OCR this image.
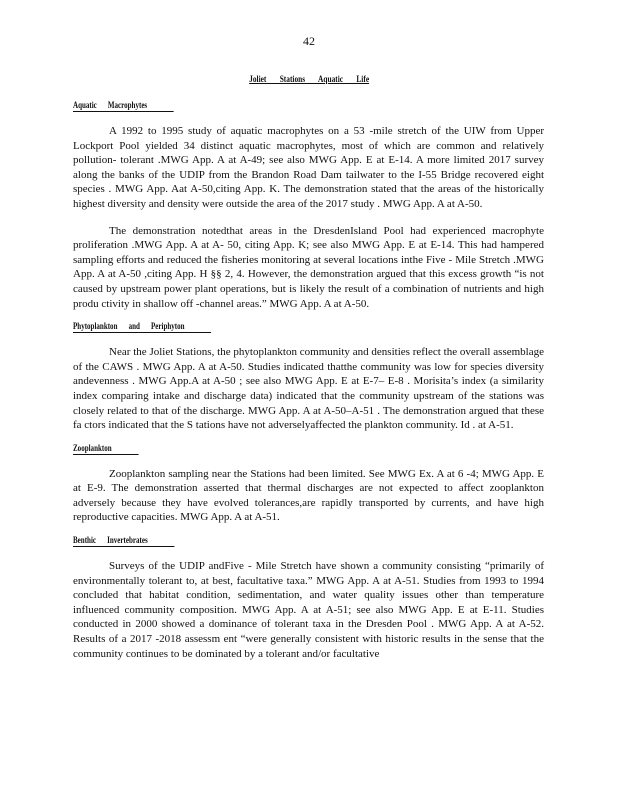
42
Joliet Stations Aquatic Life
Aquatic Macrophytes

A 1992 to 1995 study of aquatic macrophytes on a 53 -mile stretch of the UIW from Upper Lockport Pool yielded 34 distinct aquatic macrophytes, most of which are common and relatively pollution- tolerant .MWG App. A at A-49; see also MWG App. E at E-14. A more limited 2017 survey along the banks of the UDIP from the Brandon Road Dam tailwater to the I-55 Bridge recovered eight species . MWG App. Aat A-50,citing App. K. The demonstration stated that the areas of the historically highest diversity and density were outside the area of the 2017 study . MWG App. A at A-50.

The demonstration notedthat areas in the DresdenIsland Pool had experienced macrophyte proliferation .MWG App. A at A- 50, citing App. K; see also MWG App. E at E-14. This had hampered sampling efforts and reduced the fisheries monitoring at several locations inthe Five - Mile Stretch .MWG App. A at A-50 ,citing App. H §§ 2, 4. However, the demonstration argued that this excess growth “is not caused by upstream power plant operations, but is likely the result of a combination of nutrients and high produ ctivity in shallow off -channel areas.” MWG App. A at A-50.

Phytoplankton and Periphyton

Near the Joliet Stations, the phytoplankton community and densities reflect the overall assemblage of the CAWS . MWG App. A at A-50. Studies indicated thatthe community was low for species diversity andevenness . MWG App.A at A-50 ; see also MWG App. E at E-7– E-8 . Morisita’s index (a similarity index comparing intake and discharge data) indicated that the community upstream of the stations was closely related to that of the discharge. MWG App. A at A-50–A-51 . The demonstration argued that these fa ctors indicated that the S tations have not adverselyaffected the plankton community. Id . at A-51.

Zooplankton

Zooplankton sampling near the Stations had been limited. See MWG Ex. A at 6 -4; MWG App. E at E-9. The demonstration asserted that thermal discharges are not expected to affect zooplankton adversely because they have evolved tolerances,are rapidly transported by currents, and have high reproductive capacities. MWG App. A at A-51.

Benthic Invertebrates

Surveys of the UDIP andFive - Mile Stretch have shown a community consisting “primarily of environmentally tolerant to, at best, facultative taxa.” MWG App. A at A-51. Studies from 1993 to 1994 concluded that habitat condition, sedimentation, and water quality issues other than temperature influenced community composition. MWG App. A at A-51; see also MWG App. E at E-11. Studies conducted in 2000 showed a dominance of tolerant taxa in the Dresden Pool . MWG App. A at A-52. Results of a 2017 -2018 assessm ent “were generally consistent with historic results in the sense that the community continues to be dominated by a tolerant and/or facultative
